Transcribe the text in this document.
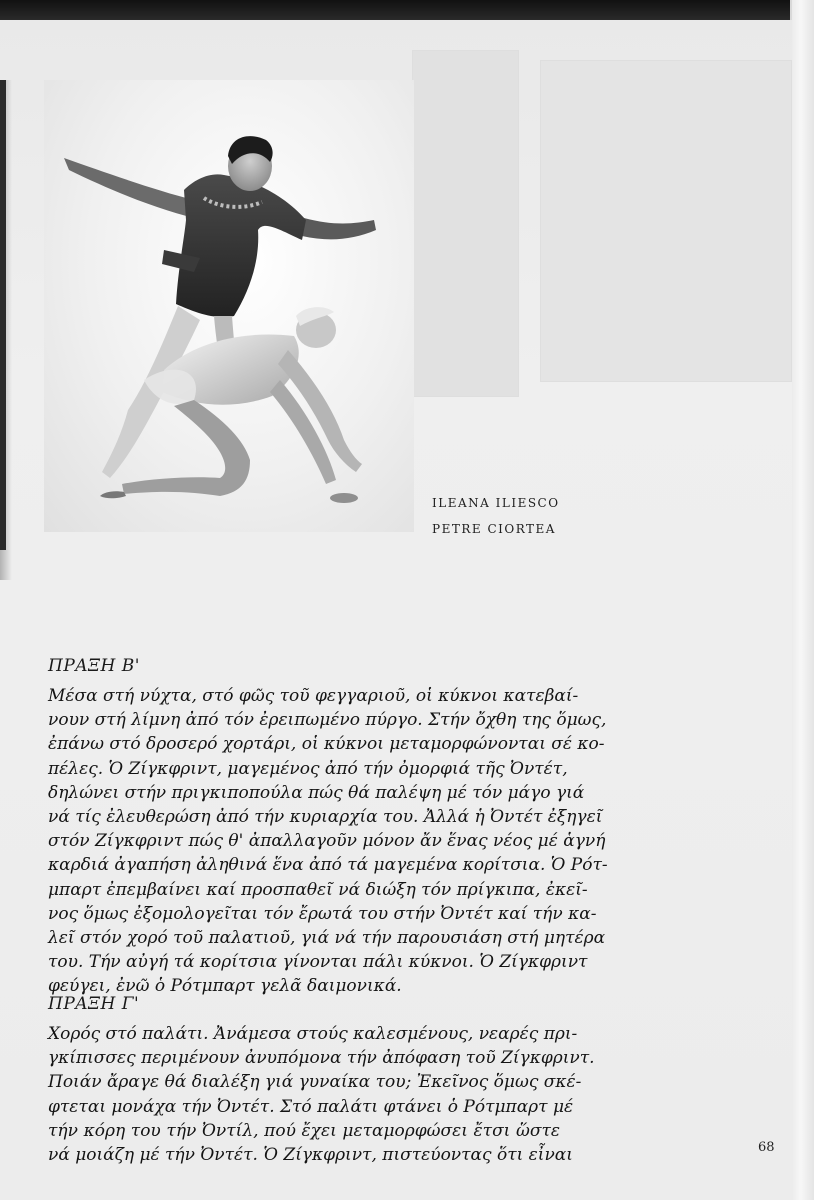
ILEANA ILIESCO
PETRE CIORTEA
ΠΡΑΞΗ Β'
Μέσα στή νύχτα, στό φῶς τοῦ φεγγαριοῦ, οἱ κύκνοι κατεβαί-
νουν στή λίμνη ἀπό τόν ἐρειπωμένο πύργο. Στήν ὄχθη της ὅμως,
ἐπάνω στό δροσερό χορτάρι, οἱ κύκνοι μεταμορφώνονται σέ κο-
πέλες. Ὁ Ζίγκφριντ, μαγεμένος ἀπό τήν ὀμορφιά τῆς Ὀντέτ,
δηλώνει στήν πριγκιποπούλα πώς θά παλέψη μέ τόν μάγο γιά
νά τίς ἐλευθερώση ἀπό τήν κυριαρχία του. Ἀλλά ἡ Ὀντέτ ἐξηγεῖ
στόν Ζίγκφριντ πώς θ' ἀπαλλαγοῦν μόνον ἄν ἕνας νέος μέ ἁγνή
καρδιά ἀγαπήση ἀληθινά ἕνα ἀπό τά μαγεμένα κορίτσια. Ὁ Ρότ-
μπαρτ ἐπεμβαίνει καί προσπαθεῖ νά διώξη τόν πρίγκιπα, ἐκεῖ-
νος ὅμως ἐξομολογεῖται τόν ἔρωτά του στήν Ὀντέτ καί τήν κα-
λεῖ στόν χορό τοῦ παλατιοῦ, γιά νά τήν παρουσιάση στή μητέρα
του. Τήν αὐγή τά κορίτσια γίνονται πάλι κύκνοι. Ὁ Ζίγκφριντ
φεύγει, ἐνῶ ὁ Ρότμπαρτ γελᾶ δαιμονικά.
ΠΡΑΞΗ Γ'
Χορός στό παλάτι. Ἀνάμεσα στούς καλεσμένους, νεαρές πρι-
γκίπισσες περιμένουν ἀνυπόμονα τήν ἀπόφαση τοῦ Ζίγκφριντ.
Ποιάν ἄραγε θά διαλέξη γιά γυναίκα του; Ἐκεῖνος ὅμως σκέ-
φτεται μονάχα τήν Ὀντέτ. Στό παλάτι φτάνει ὁ Ρότμπαρτ μέ
τήν κόρη του τήν Ὀντίλ, πού ἔχει μεταμορφώσει ἔτσι ὥστε
νά μοιάζη μέ τήν Ὀντέτ. Ὁ Ζίγκφριντ, πιστεύοντας ὅτι εἶναι	68
